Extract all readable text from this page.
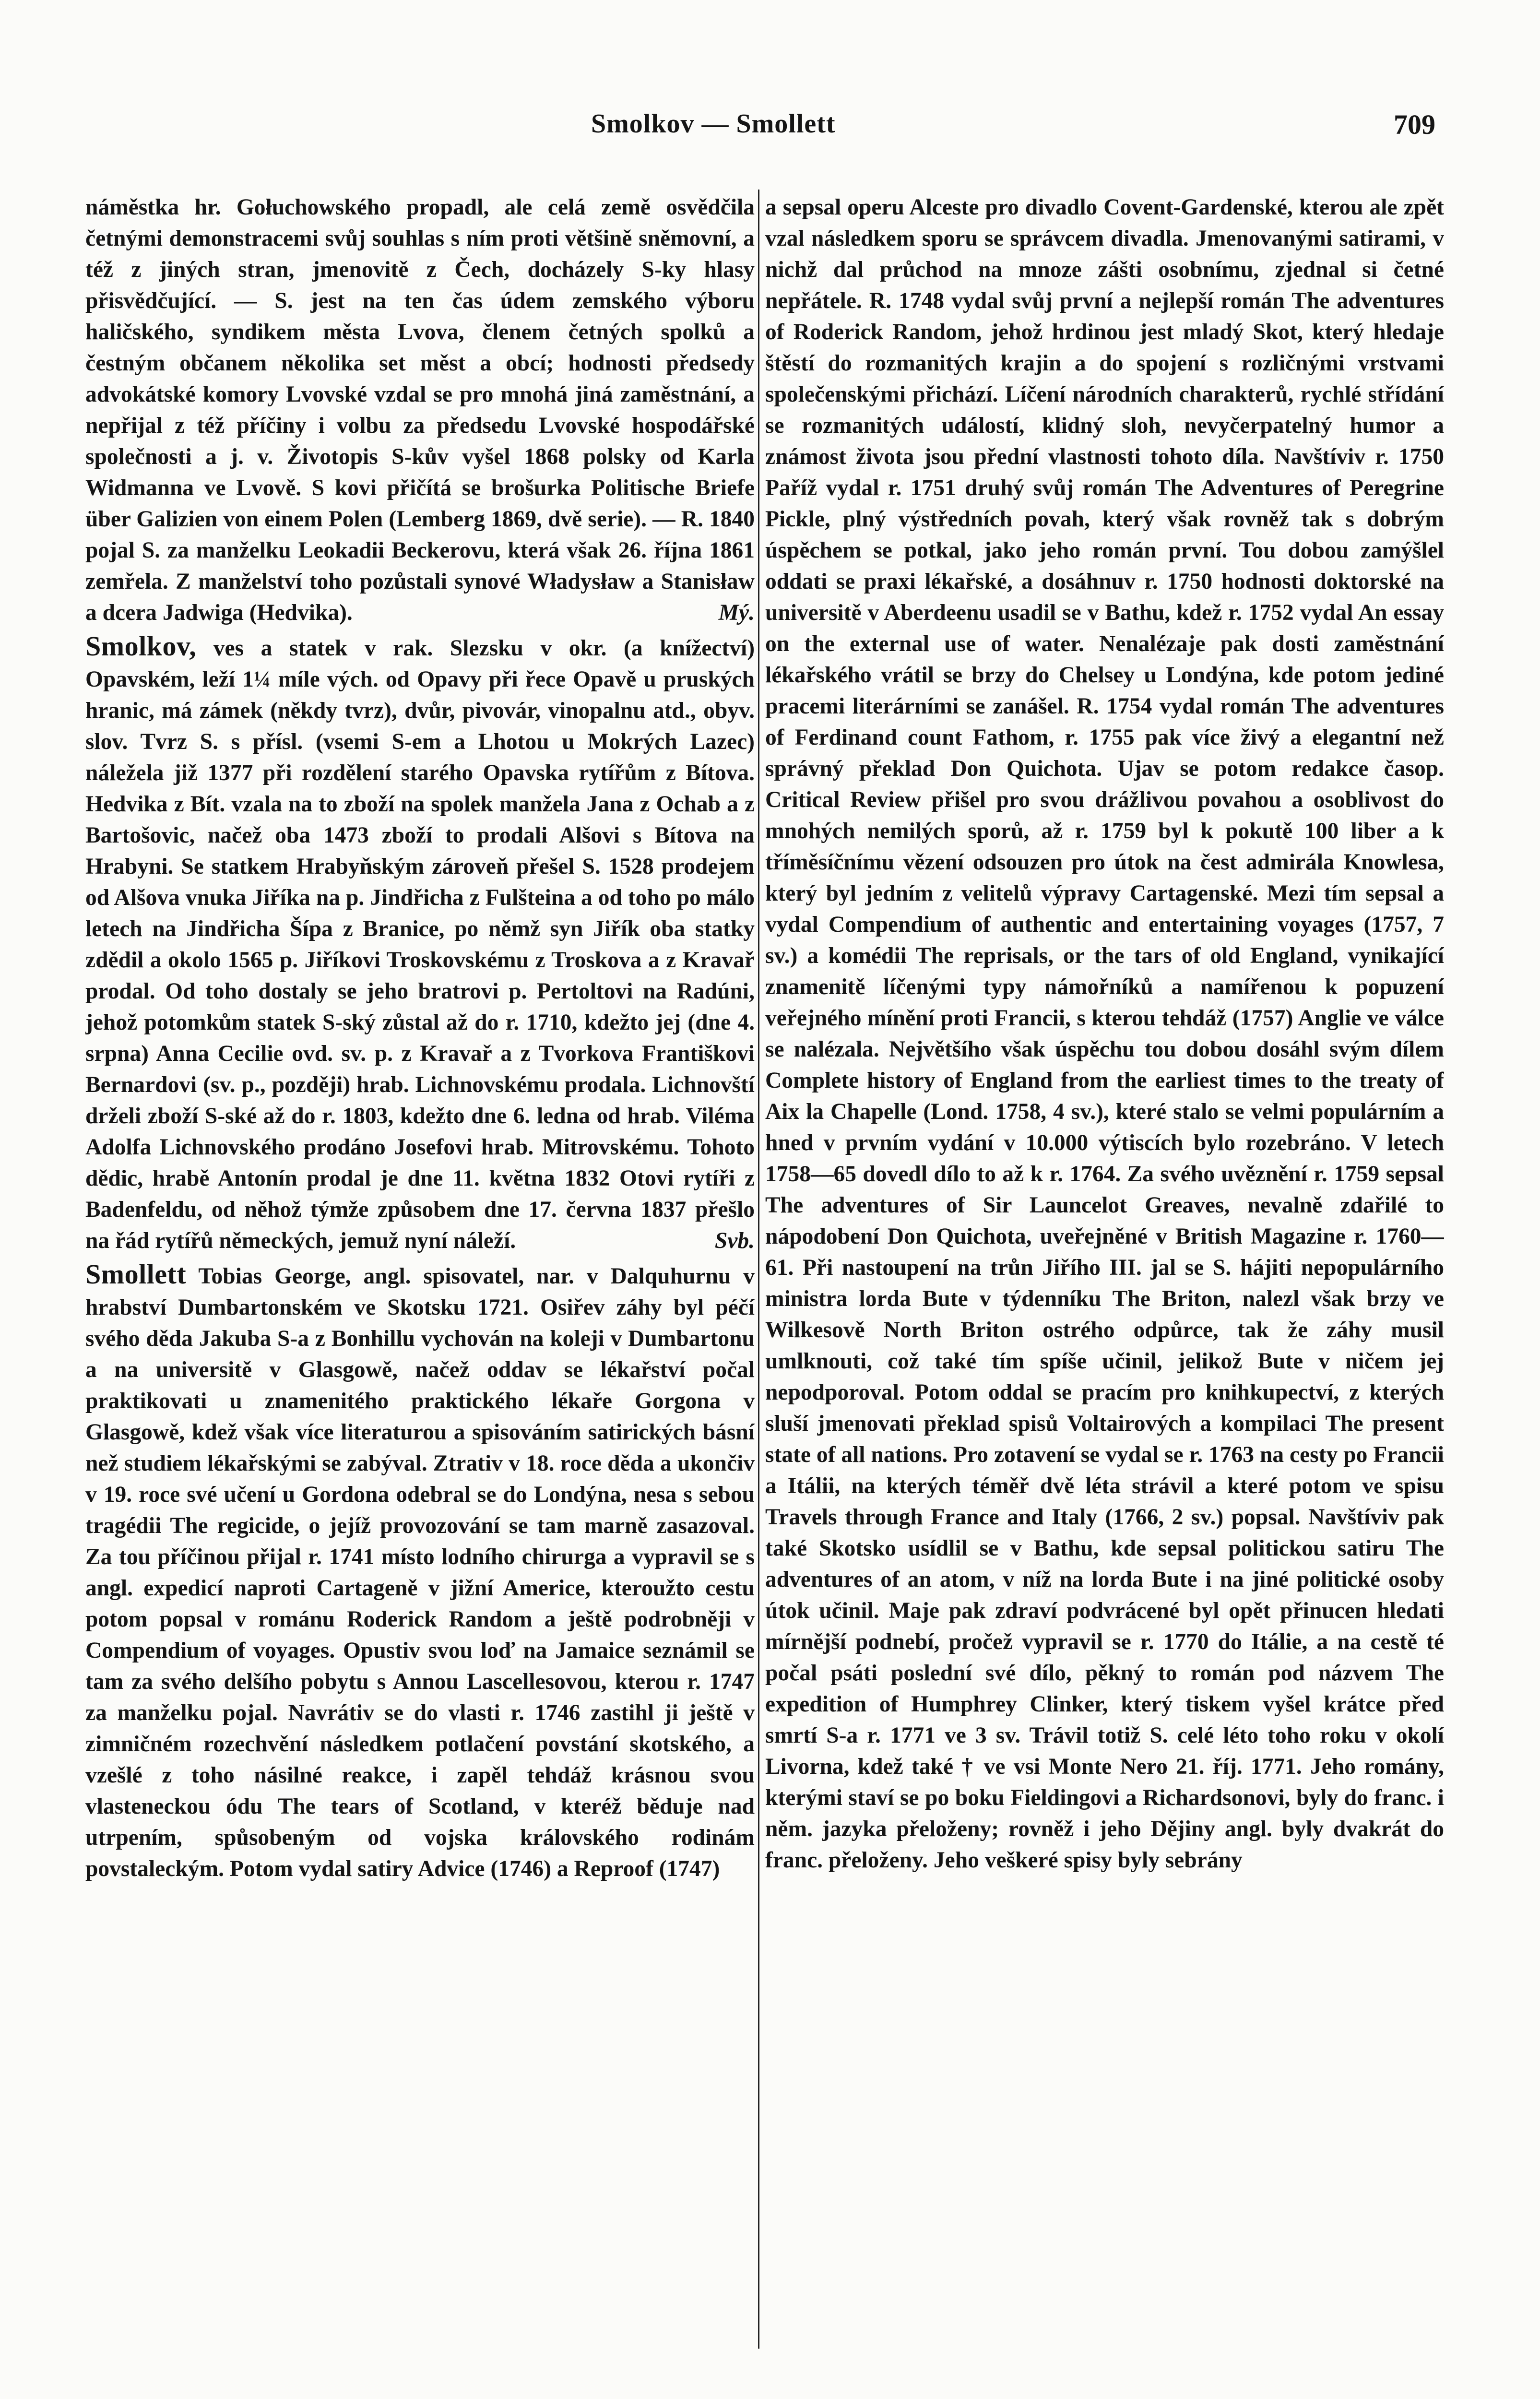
Smolkov — Smollett	709

náměstka hr. Gołuchowského propadl, ale celá země osvědčila četnými demonstracemi svůj souhlas s ním proti většině sněmovní, a též z jiných stran, jmenovitě z Čech, docházely S-ky hlasy přisvědčující. — S. jest na ten čas údem zemského výboru haličského, syndikem města Lvova, členem četných spolků a čestným občanem několika set měst a obcí; hodnosti předsedy advokátské komory Lvovské vzdal se pro mnohá jiná zaměstnání, a nepřijal z též příčiny i volbu za předsedu Lvovské hospodářské společnosti a j. v. Životopis S-kův vyšel 1868 polsky od Karla Widmanna ve Lvově. S kovi přičítá se brošurka Politische Briefe über Galizien von einem Polen (Lemberg 1869, dvě serie). — R. 1840 pojal S. za manželku Leokadii Beckerovu, která však 26. října 1861 zemřela. Z manželství toho pozůstali synové Władysław a Stanisław a dcera Jadwiga (Hedvika).	Mý.

Smolkov, ves a statek v rak. Slezsku v okr. (a knížectví) Opavském, leží 1¼ míle vých. od Opavy při řece Opavě u pruských hranic, má zámek (někdy tvrz), dvůr, pivovár, vinopalnu atd., obyv. slov. Tvrz S. s přísl. (vsemi S-em a Lhotou u Mokrých Lazec) náležela již 1377 při rozdělení starého Opavska rytířům z Bítova. Hedvika z Bít. vzala na to zboží na spolek manžela Jana z Ochab a z Bartošovic, načež oba 1473 zboží to prodali Alšovi s Bítova na Hrabyni. Se statkem Hrabyňským zároveň přešel S. 1528 prodejem od Alšova vnuka Jiříka na p. Jindřicha z Fulšteina a od toho po málo letech na Jindřicha Šípa z Branice, po němž syn Jiřík oba statky zdědil a okolo 1565 p. Jiříkovi Troskovskému z Troskova a z Kravař prodal. Od toho dostaly se jeho bratrovi p. Pertoltovi na Radúni, jehož potomkům statek S-ský zůstal až do r. 1710, kdežto jej (dne 4. srpna) Anna Cecilie ovd. sv. p. z Kravař a z Tvorkova Františkovi Bernardovi (sv. p., později) hrab. Lichnovskému prodala. Lichnovští drželi zboží S-ské až do r. 1803, kdežto dne 6. ledna od hrab. Viléma Adolfa Lichnovského prodáno Josefovi hrab. Mitrovskému. Tohoto dědic, hrabě Antonín prodal je dne 11. května 1832 Otovi rytíři z Badenfeldu, od něhož týmže způsobem dne 17. června 1837 přešlo na řád rytířů německých, jemuž nyní náleží.	Svb.

Smollett Tobias George, angl. spisovatel, nar. v Dalquhurnu v hrabství Dumbartonském ve Skotsku 1721. Osiřev záhy byl péčí svého děda Jakuba S-a z Bonhillu vychován na koleji v Dumbartonu a na universitě v Glasgowě, načež oddav se lékařství počal praktikovati u znamenitého praktického lékaře Gorgona v Glasgowě, kdež však více literaturou a spisováním satirických básní než studiem lékařskými se zabýval. Ztrativ v 18. roce děda a ukončiv v 19. roce své učení u Gordona odebral se do Londýna, nesa s sebou tragédii The regicide, o jejíž provozování se tam marně zasazoval. Za tou příčinou přijal r. 1741 místo lodního chirurga a vypravil se s angl. expedicí naproti Cartageně v jižní Americe, kteroužto cestu potom popsal v románu Roderick Random a ještě podrobněji v Compendium of voyages. Opustiv svou loď na Jamaice seznámil se tam za svého delšího pobytu s Annou Lascellesovou, kterou r. 1747 za manželku pojal. Navrátiv se do vlasti r. 1746 zastihl ji ještě v zimničném rozechvění následkem potlačení povstání skotského, a vzešlé z toho násilné reakce, i zapěl tehdáž krásnou svou vlasteneckou ódu The tears of Scotland, v kteréž běduje nad utrpením, spůsobeným od vojska královského rodinám povstaleckým. Potom vydal satiry Advice (1746) a Reproof (1747)

a sepsal operu Alceste pro divadlo Covent-Gardenské, kterou ale zpět vzal následkem sporu se správcem divadla. Jmenovanými satirami, v nichž dal průchod na mnoze zášti osobnímu, zjednal si četné nepřátele. R. 1748 vydal svůj první a nejlepší román The adventures of Roderick Random, jehož hrdinou jest mladý Skot, který hledaje štěstí do rozmanitých krajin a do spojení s rozličnými vrstvami společenskými přichází. Líčení národních charakterů, rychlé střídání se rozmanitých událostí, klidný sloh, nevyčerpatelný humor a známost života jsou přední vlastnosti tohoto díla. Navštíviv r. 1750 Paříž vydal r. 1751 druhý svůj román The Adventures of Peregrine Pickle, plný výstředních povah, který však rovněž tak s dobrým úspěchem se potkal, jako jeho román první. Tou dobou zamýšlel oddati se praxi lékařské, a dosáhnuv r. 1750 hodnosti doktorské na universitě v Aberdeenu usadil se v Bathu, kdež r. 1752 vydal An essay on the external use of water. Nenalézaje pak dosti zaměstnání lékařského vrátil se brzy do Chelsey u Londýna, kde potom jediné pracemi literárními se zanášel. R. 1754 vydal román The adventures of Ferdinand count Fathom, r. 1755 pak více živý a elegantní než správný překlad Don Quichota. Ujav se potom redakce časop. Critical Review přišel pro svou drážlivou povahou a osoblivost do mnohých nemilých sporů, až r. 1759 byl k pokutě 100 liber a k tříměsíčnímu vězení odsouzen pro útok na čest admirála Knowlesa, který byl jedním z velitelů výpravy Cartagenské. Mezi tím sepsal a vydal Compendium of authentic and entertaining voyages (1757, 7 sv.) a komédii The reprisals, or the tars of old England, vynikající znamenitě líčenými typy námořníků a namířenou k popuzení veřejného mínění proti Francii, s kterou tehdáž (1757) Anglie ve válce se nalézala. Největšího však úspěchu tou dobou dosáhl svým dílem Complete history of England from the earliest times to the treaty of Aix la Chapelle (Lond. 1758, 4 sv.), které stalo se velmi populárním a hned v prvním vydání v 10.000 výtiscích bylo rozebráno. V letech 1758—65 dovedl dílo to až k r. 1764. Za svého uvěznění r. 1759 sepsal The adventures of Sir Launcelot Greaves, nevalně zdařilé to nápodobení Don Quichota, uveřejněné v British Magazine r. 1760—61. Při nastoupení na trůn Jiřího III. jal se S. hájiti nepopulárního ministra lorda Bute v týdenníku The Briton, nalezl však brzy ve Wilkesově North Briton ostrého odpůrce, tak že záhy musil umlknouti, což také tím spíše učinil, jelikož Bute v ničem jej nepodporoval. Potom oddal se pracím pro knihkupectví, z kterých sluší jmenovati překlad spisů Voltairových a kompilaci The present state of all nations. Pro zotavení se vydal se r. 1763 na cesty po Francii a Itálii, na kterých téměř dvě léta strávil a které potom ve spisu Travels through France and Italy (1766, 2 sv.) popsal. Navštíviv pak také Skotsko usídlil se v Bathu, kde sepsal politickou satiru The adventures of an atom, v níž na lorda Bute i na jiné politické osoby útok učinil. Maje pak zdraví podvrácené byl opět přinucen hledati mírnější podnebí, pročež vypravil se r. 1770 do Itálie, a na cestě té počal psáti poslední své dílo, pěkný to román pod názvem The expedition of Humphrey Clinker, který tiskem vyšel krátce před smrtí S-a r. 1771 ve 3 sv. Trávil totiž S. celé léto toho roku v okolí Livorna, kdež také † ve vsi Monte Nero 21. říj. 1771. Jeho romány, kterými staví se po boku Fieldingovi a Richardsonovi, byly do franc. i něm. jazyka přeloženy; rovněž i jeho Dějiny angl. byly dvakrát do franc. přeloženy. Jeho veškeré spisy byly sebrány
